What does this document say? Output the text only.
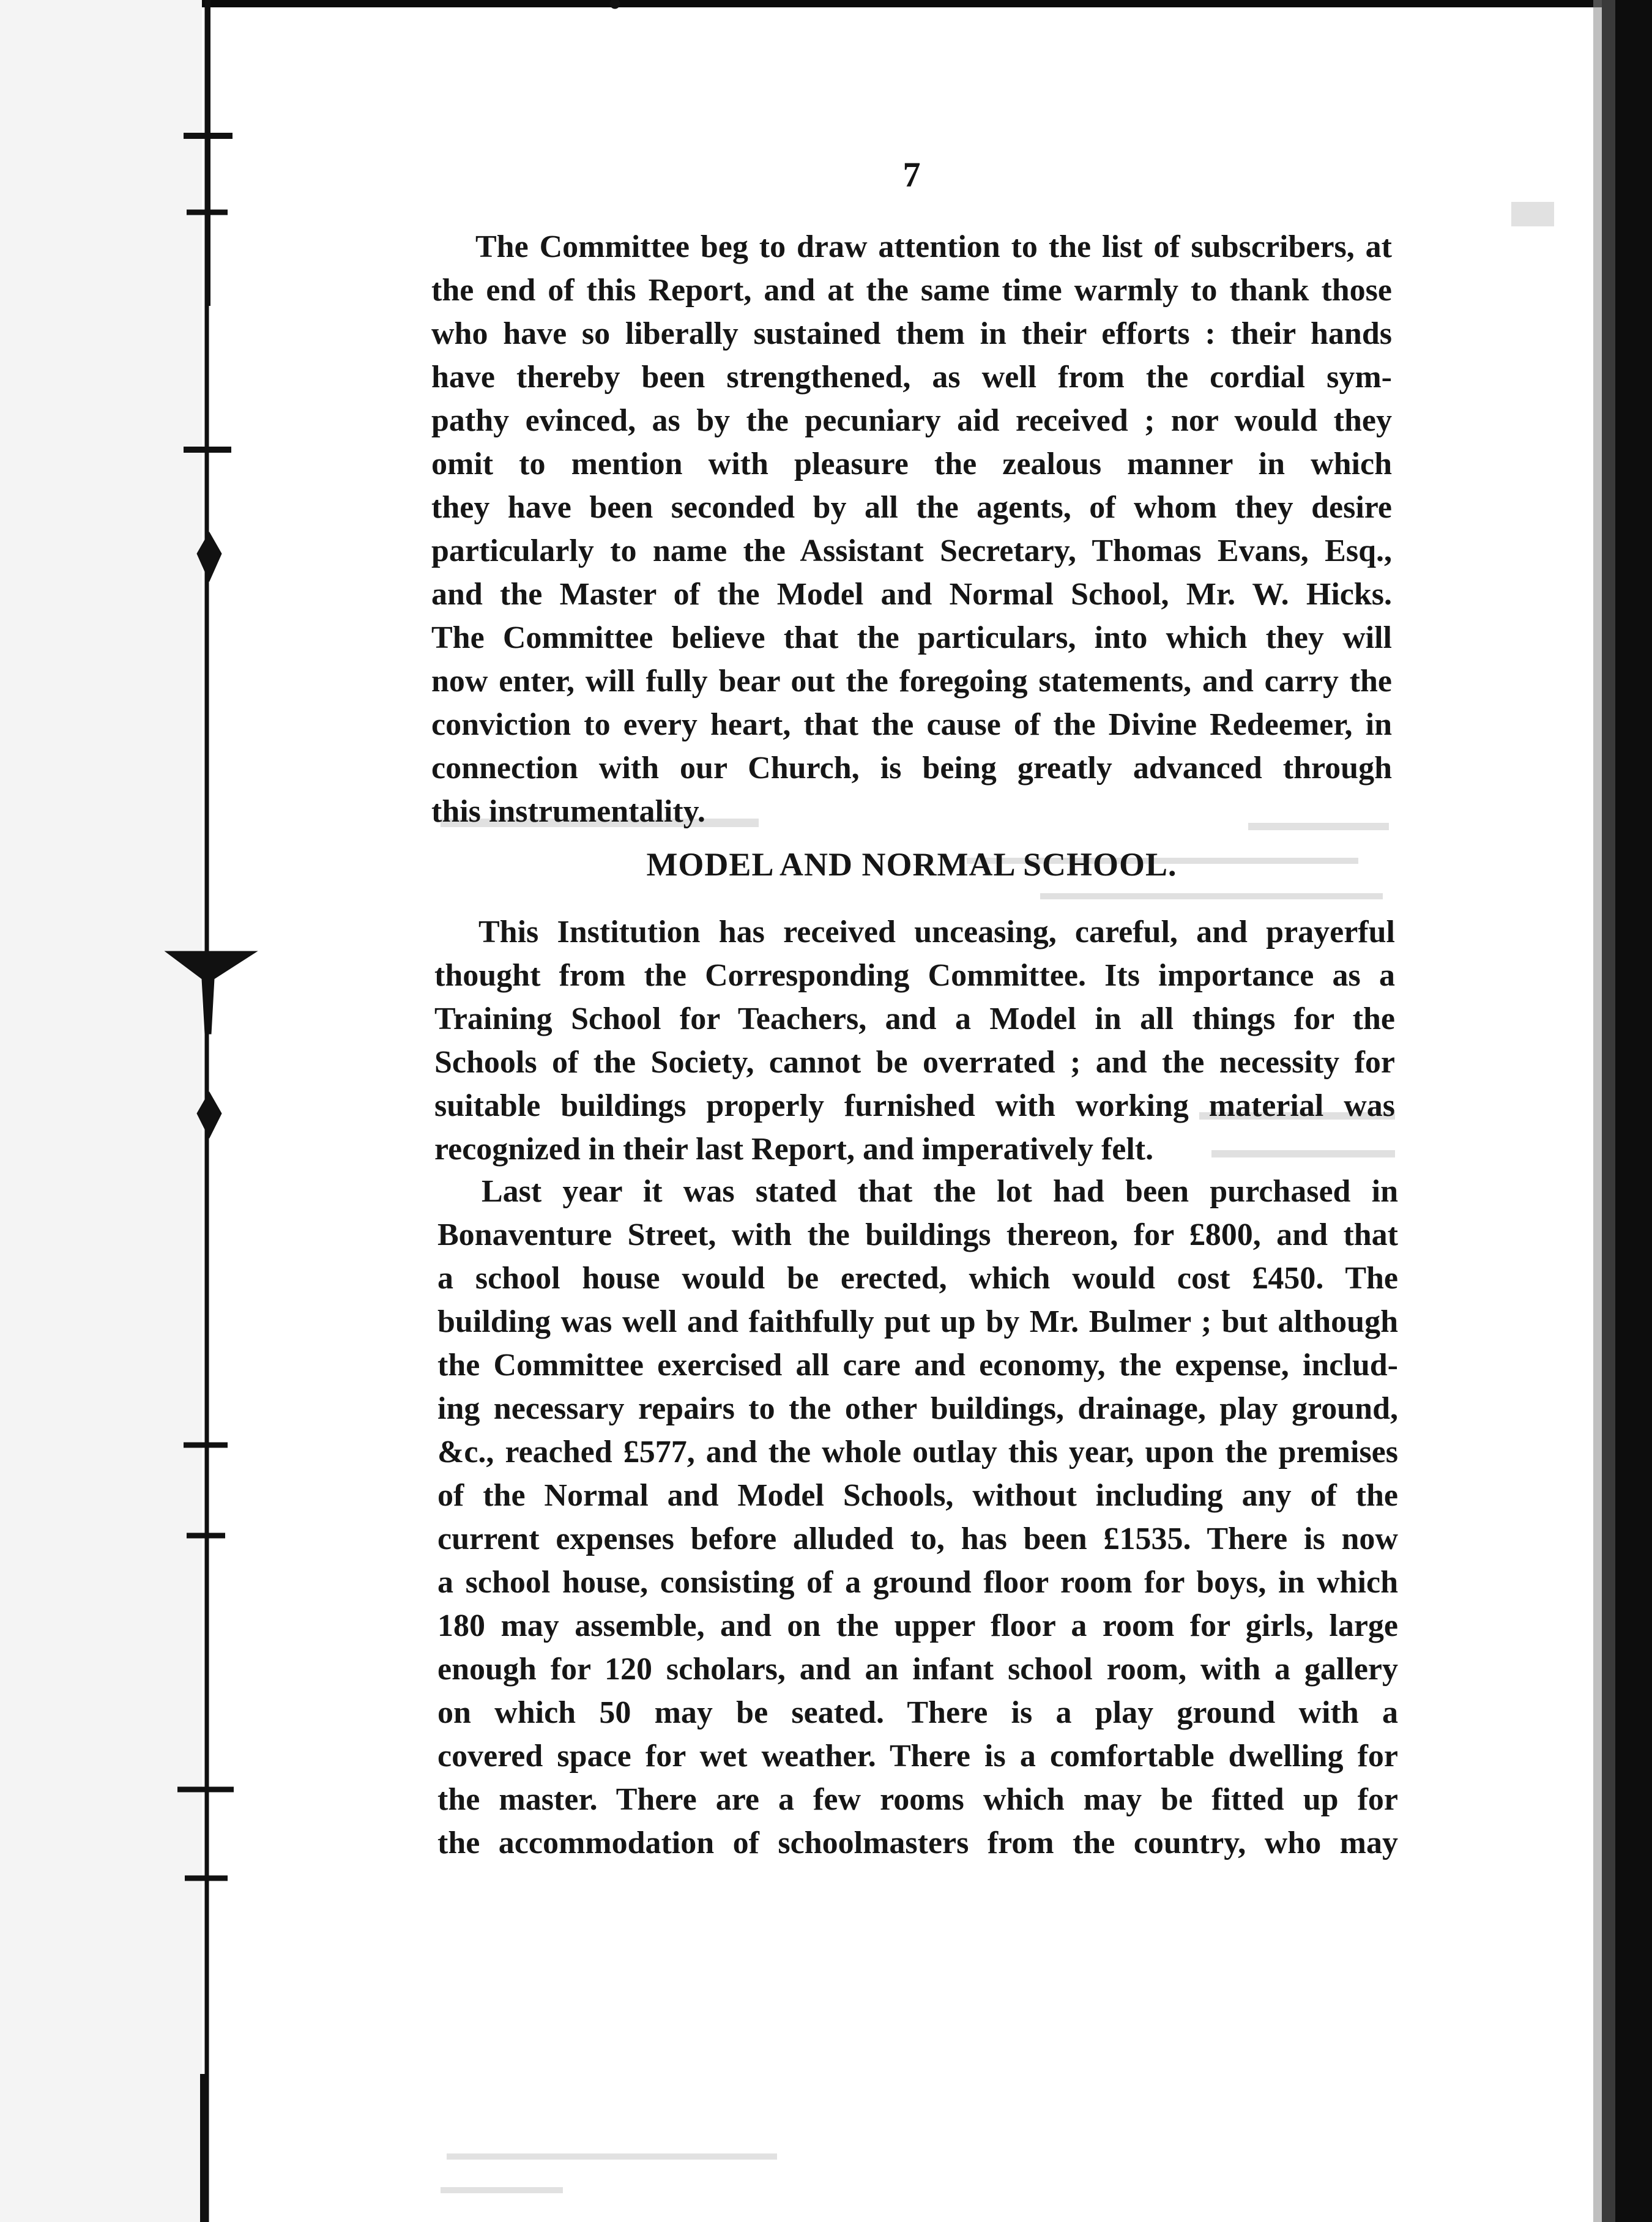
7

The Committee beg to draw attention to the list of subscribers, at
the end of this Report, and at the same time warmly to thank those
who have so liberally sustained them in their efforts : their hands
have thereby been strengthened, as well from the cordial sym-
pathy evinced, as by the pecuniary aid received ; nor would they
omit to mention with pleasure the zealous manner in which
they have been seconded by all the agents, of whom they desire
particularly to name the Assistant Secretary, Thomas Evans, Esq.,
and the Master of the Model and Normal School, Mr. W. Hicks.
The Committee believe that the particulars, into which they will
now enter, will fully bear out the foregoing statements, and carry the
conviction to every heart, that the cause of the Divine Redeemer, in
connection with our Church, is being greatly advanced through
this instrumentality.

MODEL AND NORMAL SCHOOL.

This Institution has received unceasing, careful, and prayerful
thought from the Corresponding Committee. Its importance as a
Training School for Teachers, and a Model in all things for the
Schools of the Society, cannot be overrated ; and the necessity for
suitable buildings properly furnished with working material was
recognized in their last Report, and imperatively felt.

Last year it was stated that the lot had been purchased in
Bonaventure Street, with the buildings thereon, for £800, and that
a school house would be erected, which would cost £450. The
building was well and faithfully put up by Mr. Bulmer ; but although
the Committee exercised all care and economy, the expense, includ-
ing necessary repairs to the other buildings, drainage, play ground,
&c., reached £577, and the whole outlay this year, upon the premises
of the Normal and Model Schools, without including any of the
current expenses before alluded to, has been £1535. There is now
a school house, consisting of a ground floor room for boys, in which
180 may assemble, and on the upper floor a room for girls, large
enough for 120 scholars, and an infant school room, with a gallery
on which 50 may be seated. There is a play ground with a
covered space for wet weather. There is a comfortable dwelling for
the master. There are a few rooms which may be fitted up for
the accommodation of schoolmasters from the country, who may
